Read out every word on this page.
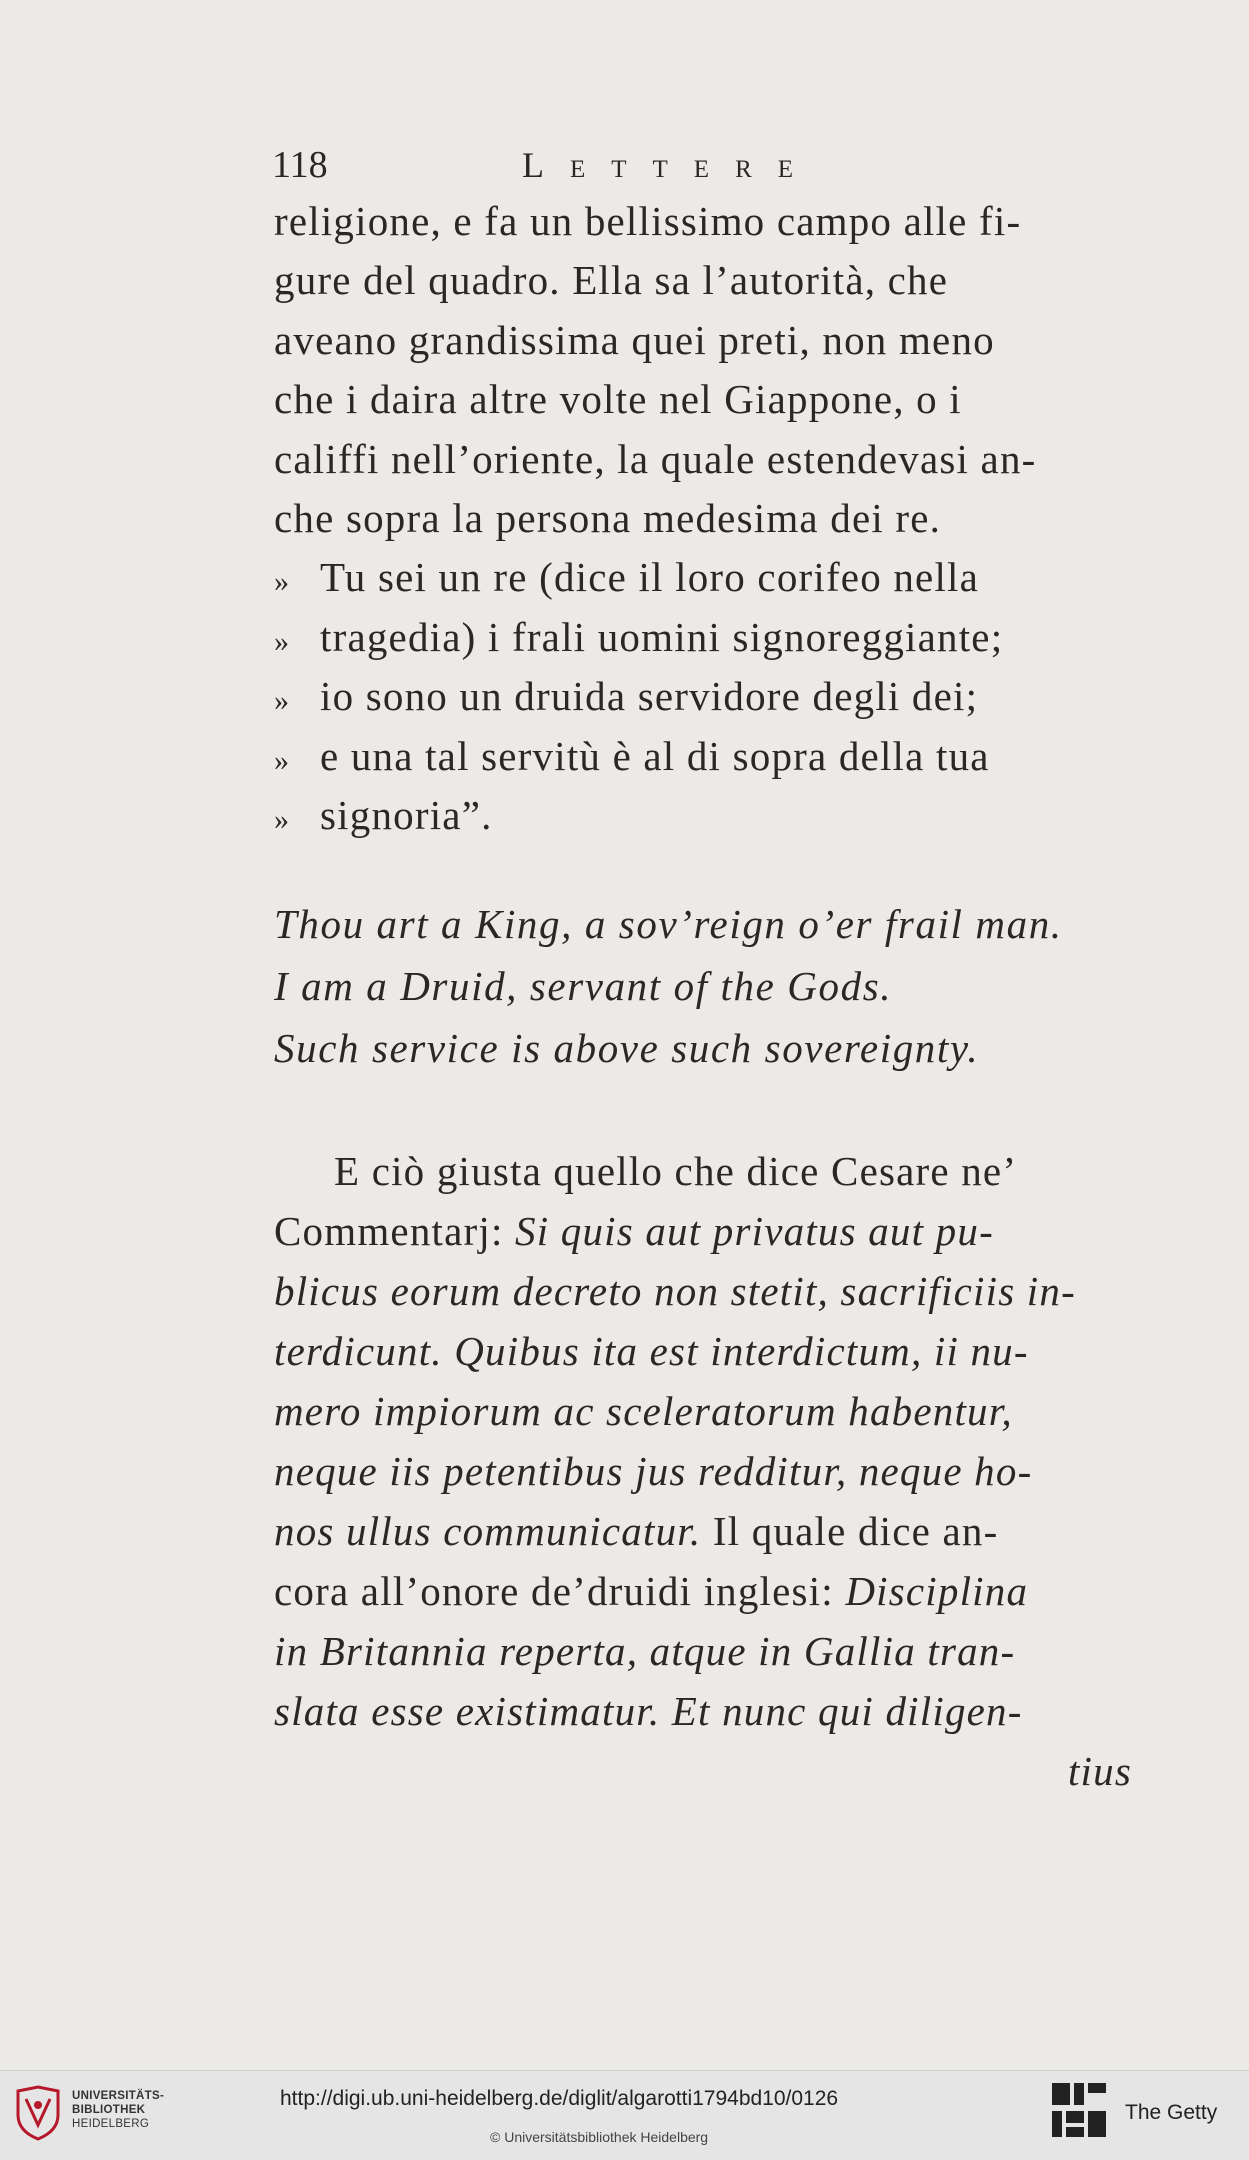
118	Lettere
religione, e fa un bellissimo campo alle fi-
gure del quadro. Ella sa l’autorità, che
aveano grandissima quei preti, non meno
che i daira altre volte nel Giappone, o i
califfi nell’oriente, la quale estendevasi an-
che sopra la persona medesima dei re.
» Tu sei un re (dice il loro corifeo nella
» tragedia) i frali uomini signoreggiante;
» io sono un druida servidore degli dei;
» e una tal servitù è al di sopra della tua
» signoria”.
Thou art a King, a sov’reign o’er frail man.
I am a Druid, servant of the Gods.
Such service is above such sovereignty.
E ciò giusta quello che dice Cesare ne’
Commentarj: Si quis aut privatus aut pu-
blicus eorum decreto non stetit, sacrificiis in-
terdicunt. Quibus ita est interdictum, ii nu-
mero impiorum ac sceleratorum habentur,
neque iis petentibus jus redditur, neque ho-
nos ullus communicatur. Il quale dice an-
cora all’onore de’druidi inglesi: Disciplina
in Britannia reperta, atque in Gallia tran-
slata esse existimatur. Et nunc qui diligen-
tius
UNIVERSITÄTS-
BIBLIOTHEK
HEIDELBERG
http://digi.ub.uni-heidelberg.de/diglit/algarotti1794bd10/0126
© Universitätsbibliothek Heidelberg
The Getty
